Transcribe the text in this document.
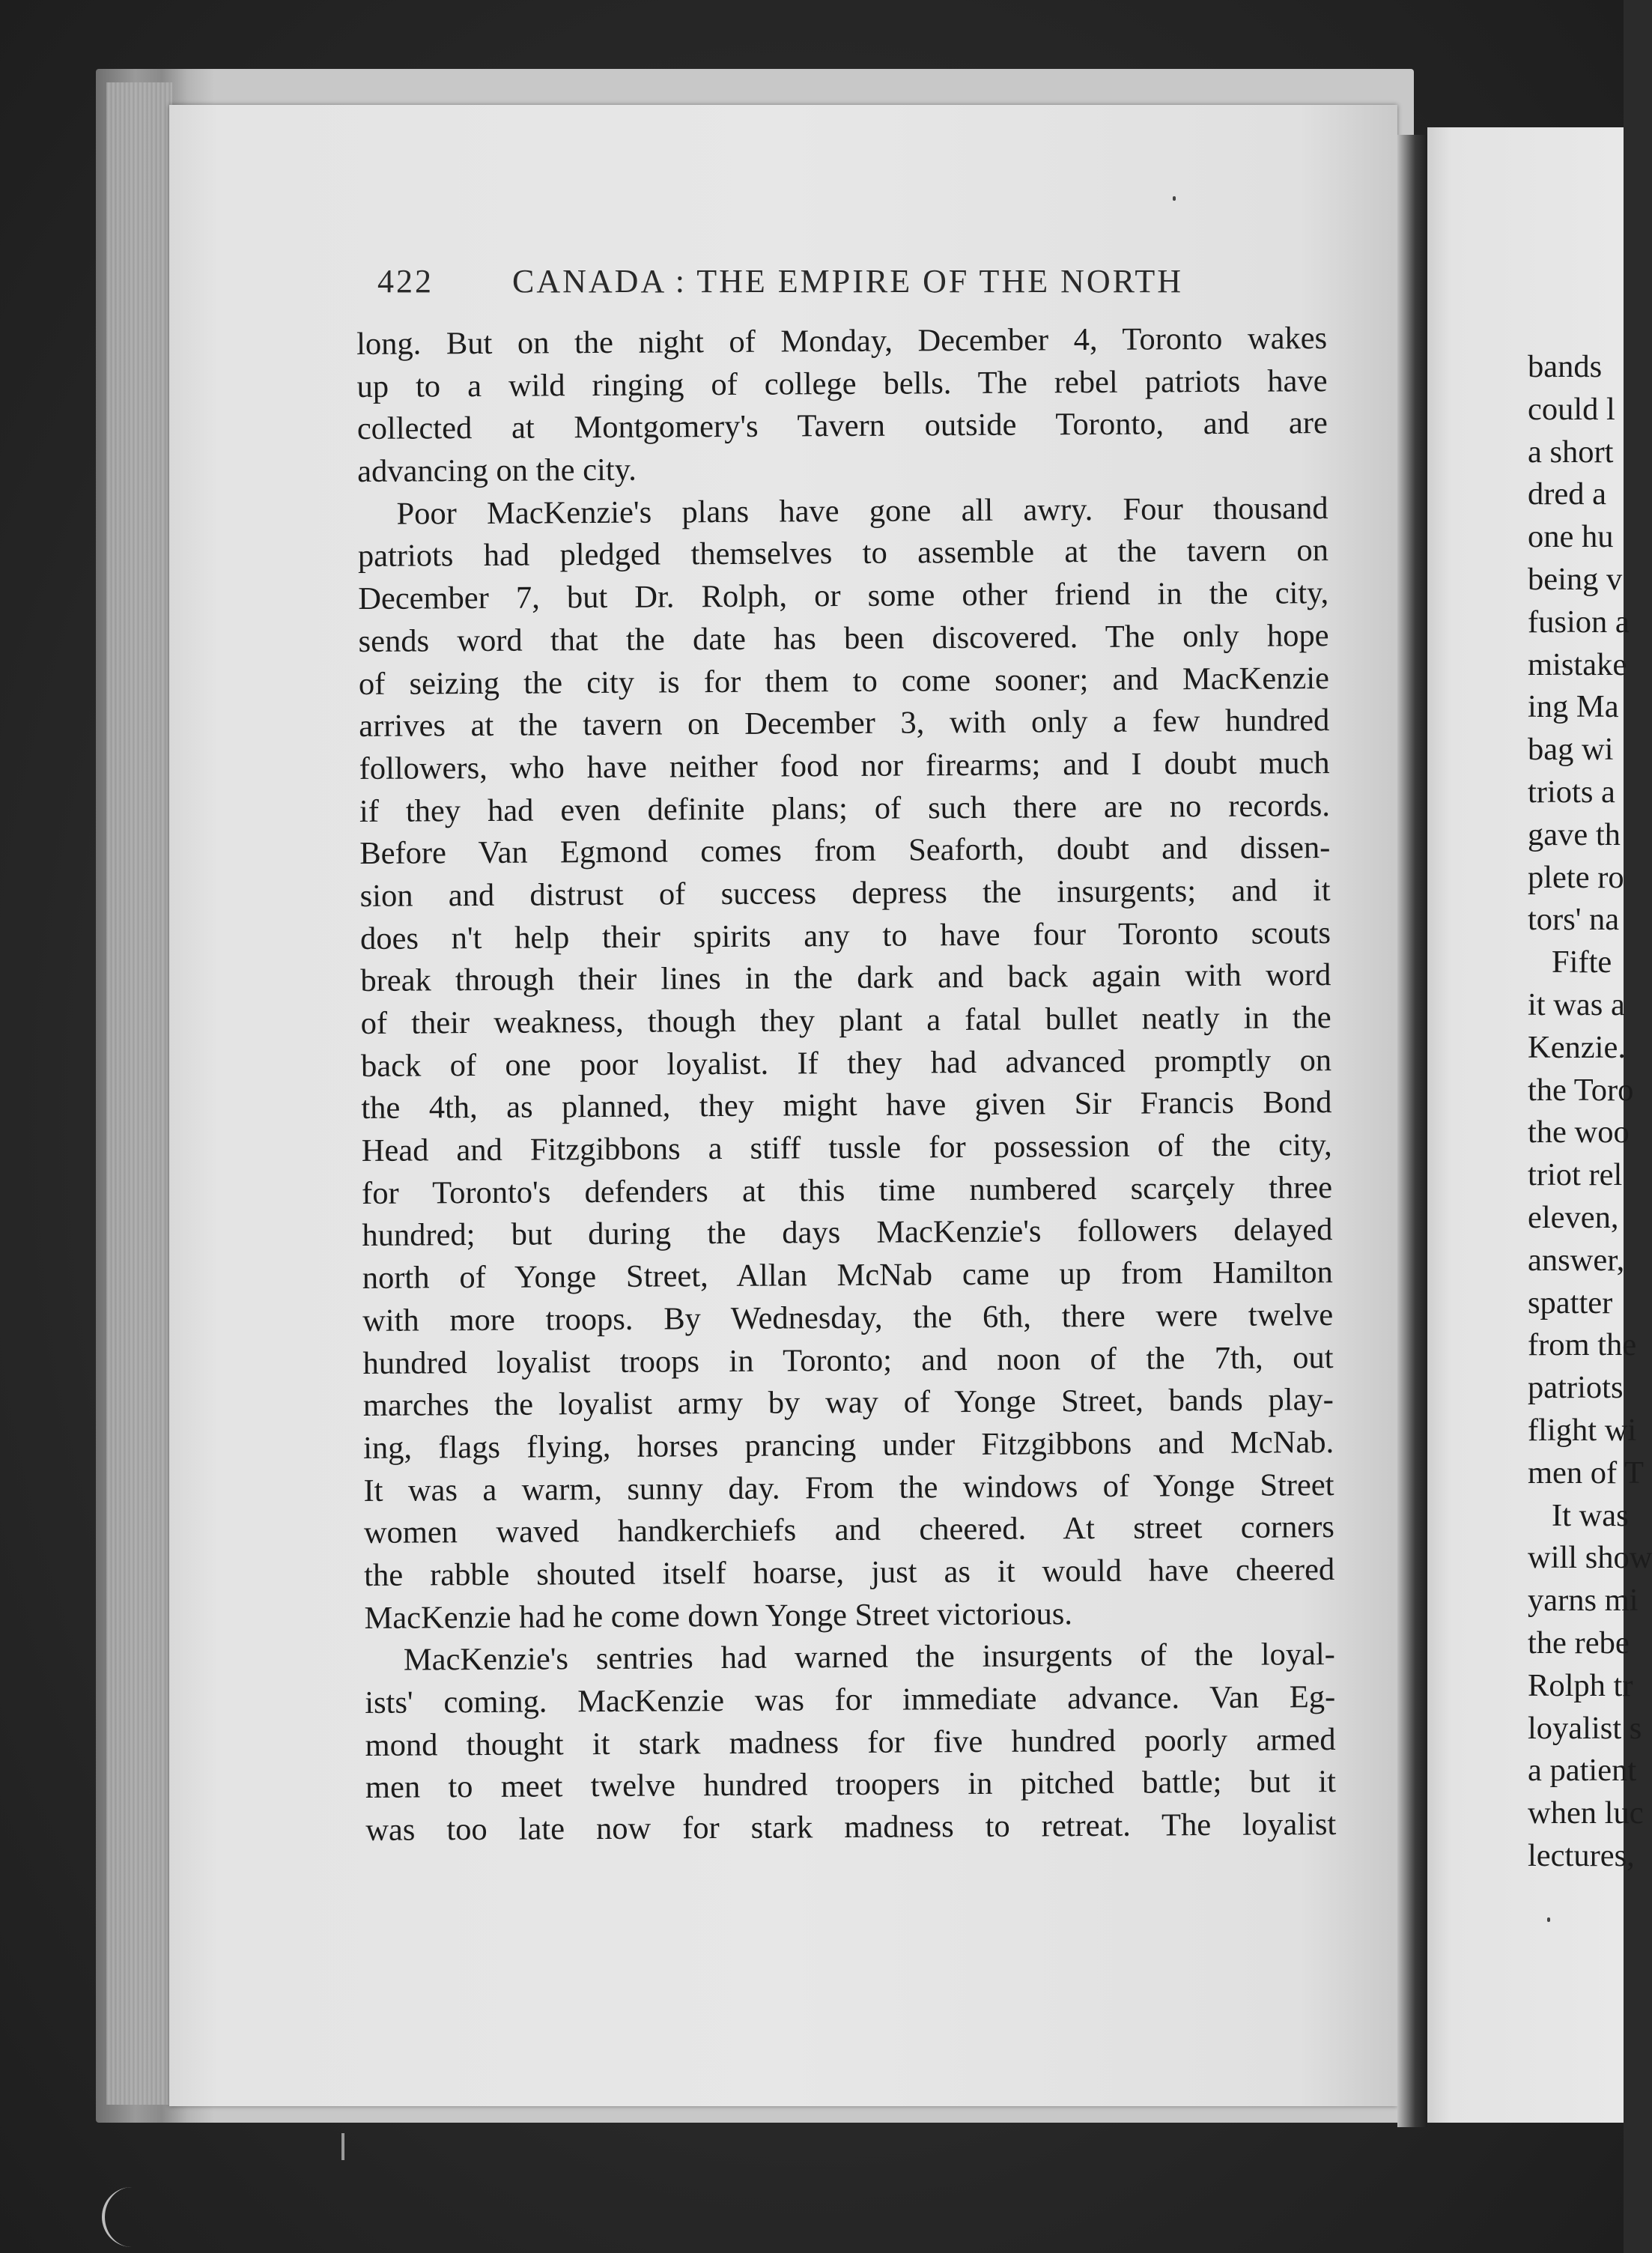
422 CANADA : THE EMPIRE OF THE NORTH
long. But on the night of Monday, December 4, Toronto wakes
up to a wild ringing of college bells. The rebel patriots have
collected at Montgomery's Tavern outside Toronto, and are
advancing on the city.
Poor MacKenzie's plans have gone all awry. Four thousand
patriots had pledged themselves to assemble at the tavern on
December 7, but Dr. Rolph, or some other friend in the city,
sends word that the date has been discovered. The only hope
of seizing the city is for them to come sooner; and MacKenzie
arrives at the tavern on December 3, with only a few hundred
followers, who have neither food nor firearms; and I doubt much
if they had even definite plans; of such there are no records.
Before Van Egmond comes from Seaforth, doubt and dissen-
sion and distrust of success depress the insurgents; and it
does n't help their spirits any to have four Toronto scouts
break through their lines in the dark and back again with word
of their weakness, though they plant a fatal bullet neatly in the
back of one poor loyalist. If they had advanced promptly on
the 4th, as planned, they might have given Sir Francis Bond
Head and Fitzgibbons a stiff tussle for possession of the city,
for Toronto's defenders at this time numbered scarçely three
hundred; but during the days MacKenzie's followers delayed
north of Yonge Street, Allan McNab came up from Hamilton
with more troops. By Wednesday, the 6th, there were twelve
hundred loyalist troops in Toronto; and noon of the 7th, out
marches the loyalist army by way of Yonge Street, bands play-
ing, flags flying, horses prancing under Fitzgibbons and McNab.
It was a warm, sunny day. From the windows of Yonge Street
women waved handkerchiefs and cheered. At street corners
the rabble shouted itself hoarse, just as it would have cheered
MacKenzie had he come down Yonge Street victorious.
MacKenzie's sentries had warned the insurgents of the loyal-
ists' coming. MacKenzie was for immediate advance. Van Eg-
mond thought it stark madness for five hundred poorly armed
men to meet twelve hundred troopers in pitched battle; but it
was too late now for stark madness to retreat. The loyalist
bands
could l
a short
dred a
one hu
being v
fusion a
mistake
ing Ma
bag wi
triots a
gave th
plete ro
tors' na
Fifte
it was a
Kenzie.
the Toro
the woo
triot rel
eleven,
answer,
spatter
from the
patriots
flight wi
men of T
It was
will show
yarns mi
the rebe
Rolph tr
loyalist s
a patient
when luc
lectures,
